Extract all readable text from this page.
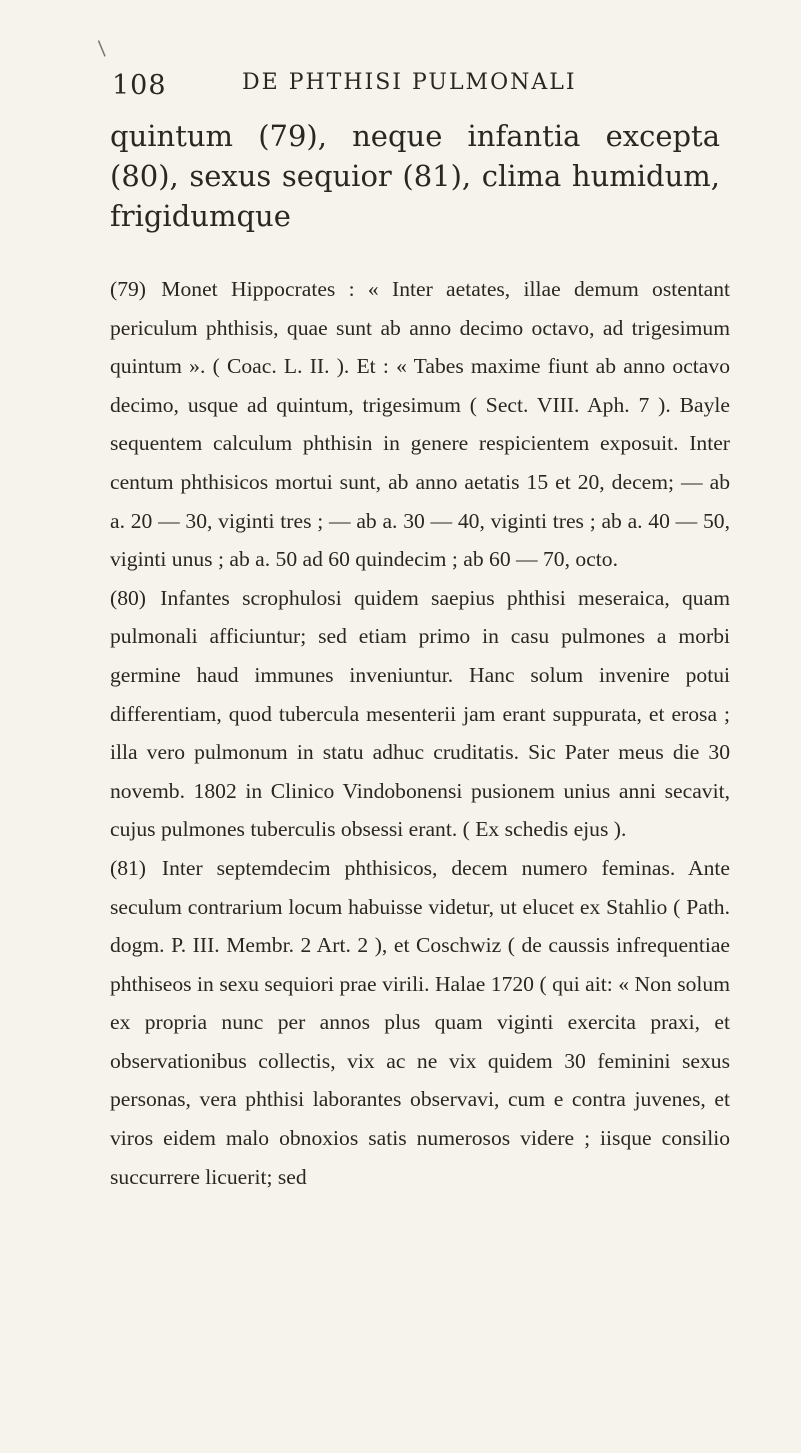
/
108	DE PHTHISI PULMONALI

quintum (79), neque infantia excepta (80), sexus sequior (81), clima humidum, frigidumque

(79) Monet Hippocrates : « Inter aetates, illae demum ostentant periculum phthisis, quae sunt ab anno decimo octavo, ad trigesimum quintum ». ( Coac. L. II. ). Et : « Tabes maxime fiunt ab anno octavo decimo, usque ad quintum, trigesimum ( Sect. VIII. Aph. 7 ). Bayle sequentem calculum phthisin in genere respicientem exposuit. Inter centum phthisicos mortui sunt, ab anno aetatis 15 et 20, decem; — ab a. 20 — 30, viginti tres ; — ab a. 30 — 40, viginti tres ; ab a. 40 — 50, viginti unus ; ab a. 50 ad 60 quindecim ; ab 60 — 70, octo.

(80) Infantes scrophulosi quidem saepius phthisi meseraica, quam pulmonali afficiuntur; sed etiam primo in casu pulmones a morbi germine haud immunes inveniuntur. Hanc solum invenire potui differentiam, quod tubercula mesenterii jam erant suppurata, et erosa ; illa vero pulmonum in statu adhuc cruditatis. Sic Pater meus die 30 novemb. 1802 in Clinico Vindobonensi pusionem unius anni secavit, cujus pulmones tuberculis obsessi erant. ( Ex schedis ejus ).

(81) Inter septemdecim phthisicos, decem numero feminas. Ante seculum contrarium locum habuisse videtur, ut elucet ex Stahlio ( Path. dogm. P. III. Membr. 2 Art. 2 ), et Coschwiz ( de caussis infrequentiae phthiseos in sexu sequiori prae virili. Halae 1720 ( qui ait: « Non solum ex propria nunc per annos plus quam viginti exercita praxi, et observationibus collectis, vix ac ne vix quidem 30 feminini sexus personas, vera phthisi laborantes observavi, cum e contra juvenes, et viros eidem malo obnoxios satis numerosos videre ; iisque consilio succurrere licuerit; sed
